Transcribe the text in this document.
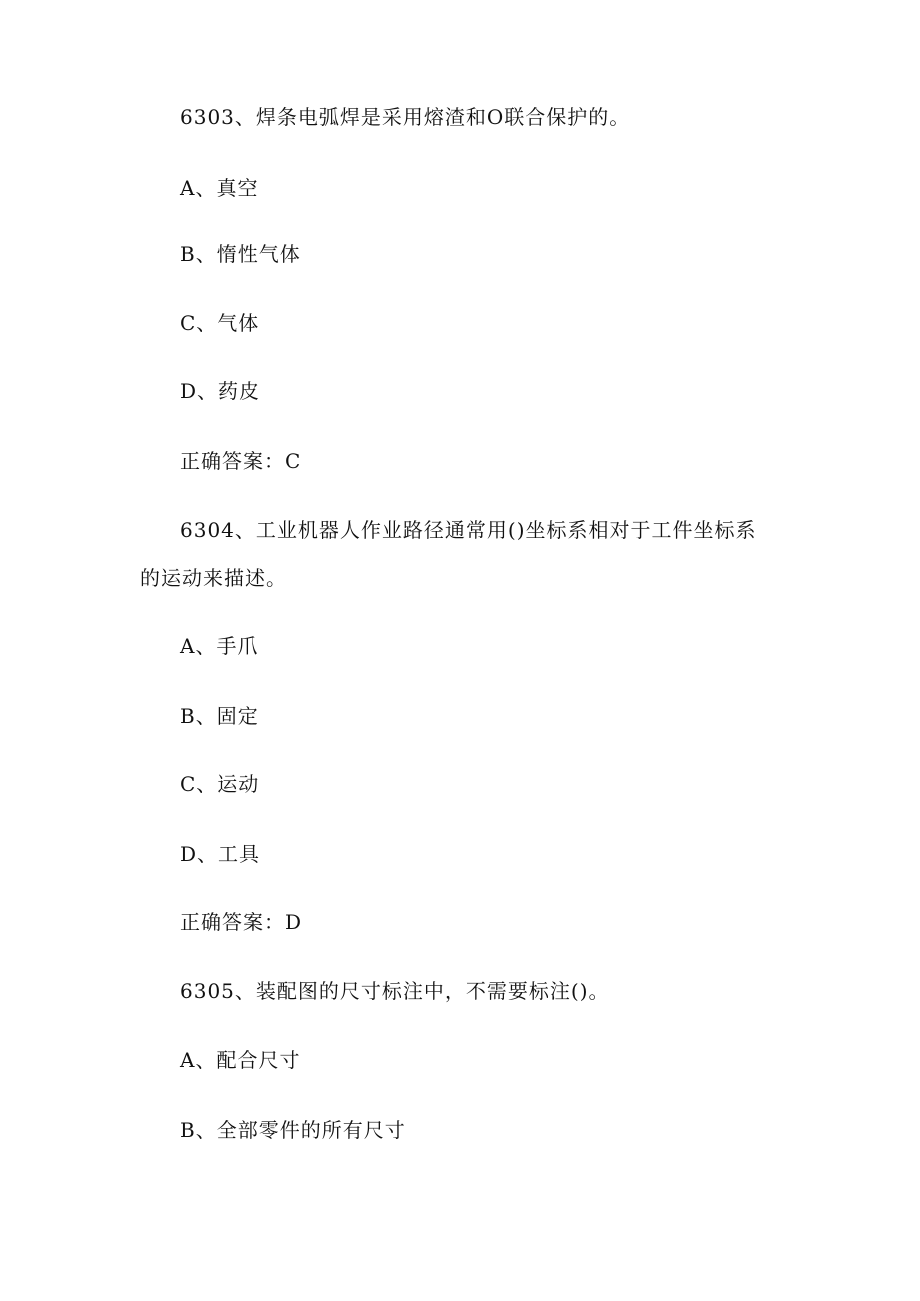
6303、焊条电弧焊是采用熔渣和O联合保护的。
A、真空
B、惰性气体
C、气体
D、药皮
正确答案：C
6304、工业机器人作业路径通常用()坐标系相对于工件坐标系
的运动来描述。
A、手爪
B、固定
C、运动
D、工具
正确答案：D
6305、装配图的尺寸标注中，不需要标注()。
A、配合尺寸
B、全部零件的所有尺寸
